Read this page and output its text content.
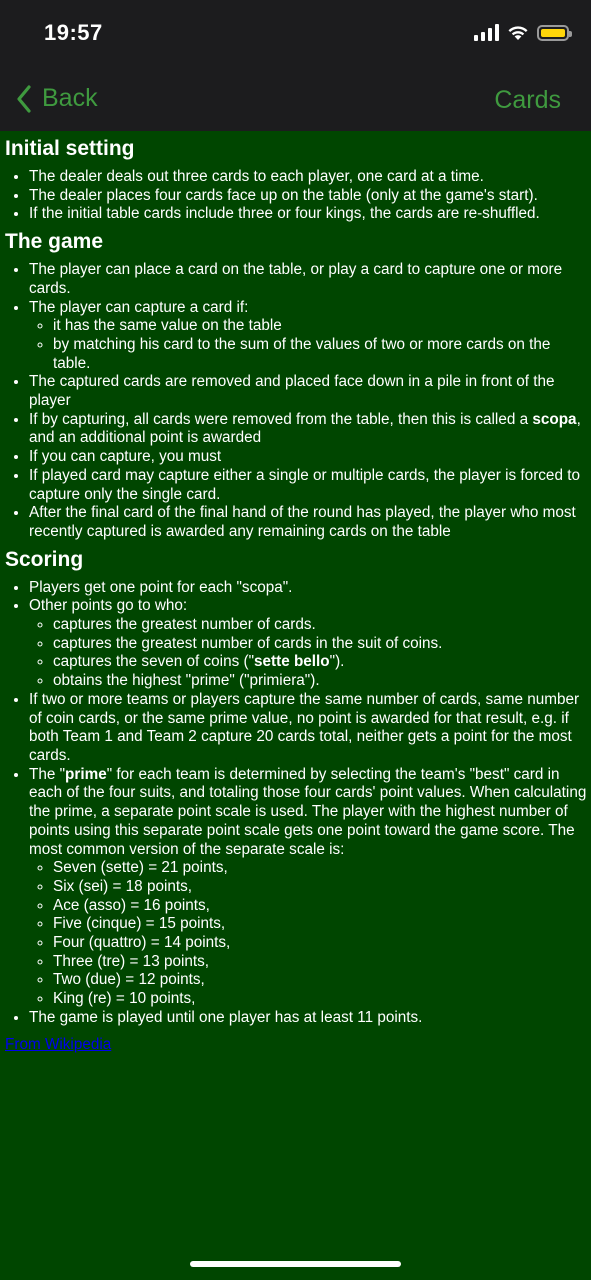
19:57
Back	Cards
Initial setting
• The dealer deals out three cards to each player, one card at a time.
• The dealer places four cards face up on the table (only at the game's start).
• If the initial table cards include three or four kings, the cards are re-shuffled.
The game
• The player can place a card on the table, or play a card to capture one or more cards.
• The player can capture a card if:
◦ it has the same value on the table
◦ by matching his card to the sum of the values of two or more cards on the table.
• The captured cards are removed and placed face down in a pile in front of the player
• If by capturing, all cards were removed from the table, then this is called a scopa, and an additional point is awarded
• If you can capture, you must
• If played card may capture either a single or multiple cards, the player is forced to capture only the single card.
• After the final card of the final hand of the round has played, the player who most recently captured is awarded any remaining cards on the table
Scoring
• Players get one point for each "scopa".
• Other points go to who:
◦ captures the greatest number of cards.
◦ captures the greatest number of cards in the suit of coins.
◦ captures the seven of coins ("sette bello").
◦ obtains the highest "prime" ("primiera").
• If two or more teams or players capture the same number of cards, same number of coin cards, or the same prime value, no point is awarded for that result, e.g. if both Team 1 and Team 2 capture 20 cards total, neither gets a point for the most cards.
• The "prime" for each team is determined by selecting the team's "best" card in each of the four suits, and totaling those four cards' point values. When calculating the prime, a separate point scale is used. The player with the highest number of points using this separate point scale gets one point toward the game score. The most common version of the separate scale is:
◦ Seven (sette) = 21 points,
◦ Six (sei) = 18 points,
◦ Ace (asso) = 16 points,
◦ Five (cinque) = 15 points,
◦ Four (quattro) = 14 points,
◦ Three (tre) = 13 points,
◦ Two (due) = 12 points,
◦ King (re) = 10 points,
• The game is played until one player has at least 11 points.
From Wikipedia
